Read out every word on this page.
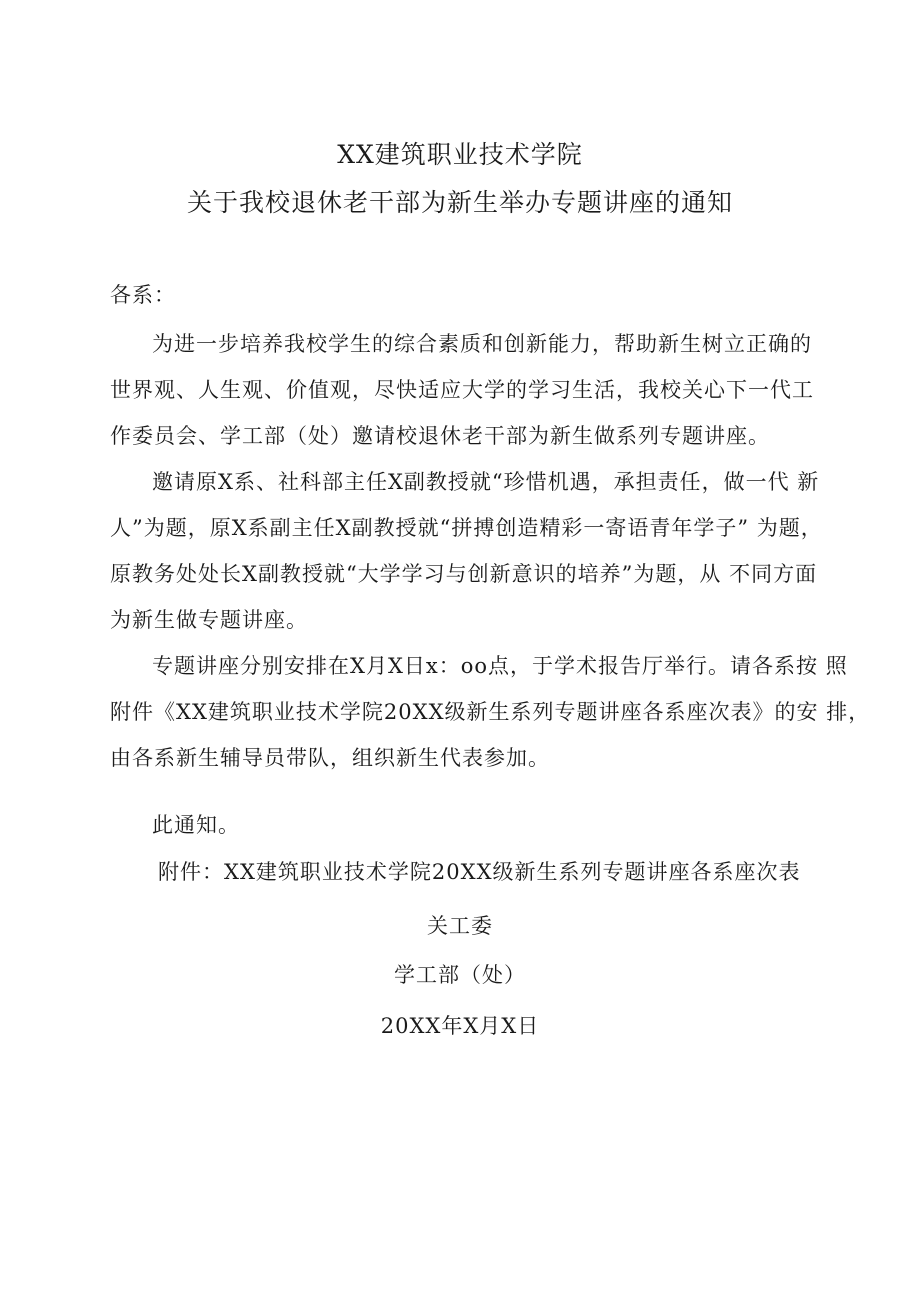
XX建筑职业技术学院
关于我校退休老干部为新生举办专题讲座的通知
各系：

为进一步培养我校学生的综合素质和创新能力，帮助新生树立正确的
世界观、人生观、价值观，尽快适应大学的学习生活，我校关心下一代工
作委员会、学工部（处）邀请校退休老干部为新生做系列专题讲座。

邀请原X系、社科部主任X副教授就“珍惜机遇，承担责任，做一代 新
人”为题，原X系副主任X副教授就“拼搏创造精彩一寄语青年学子” 为题，
原教务处处长X副教授就“大学学习与创新意识的培养”为题，从 不同方面
为新生做专题讲座。

专题讲座分别安排在X月X日x：oo点，于学术报告厅举行。请各系按 照
附件《XX建筑职业技术学院20XX级新生系列专题讲座各系座次表》的安 排，
由各系新生辅导员带队，组织新生代表参加。

此通知。
附件：XX建筑职业技术学院20XX级新生系列专题讲座各系座次表
关工委
学工部（处）
20XX年X月X日
